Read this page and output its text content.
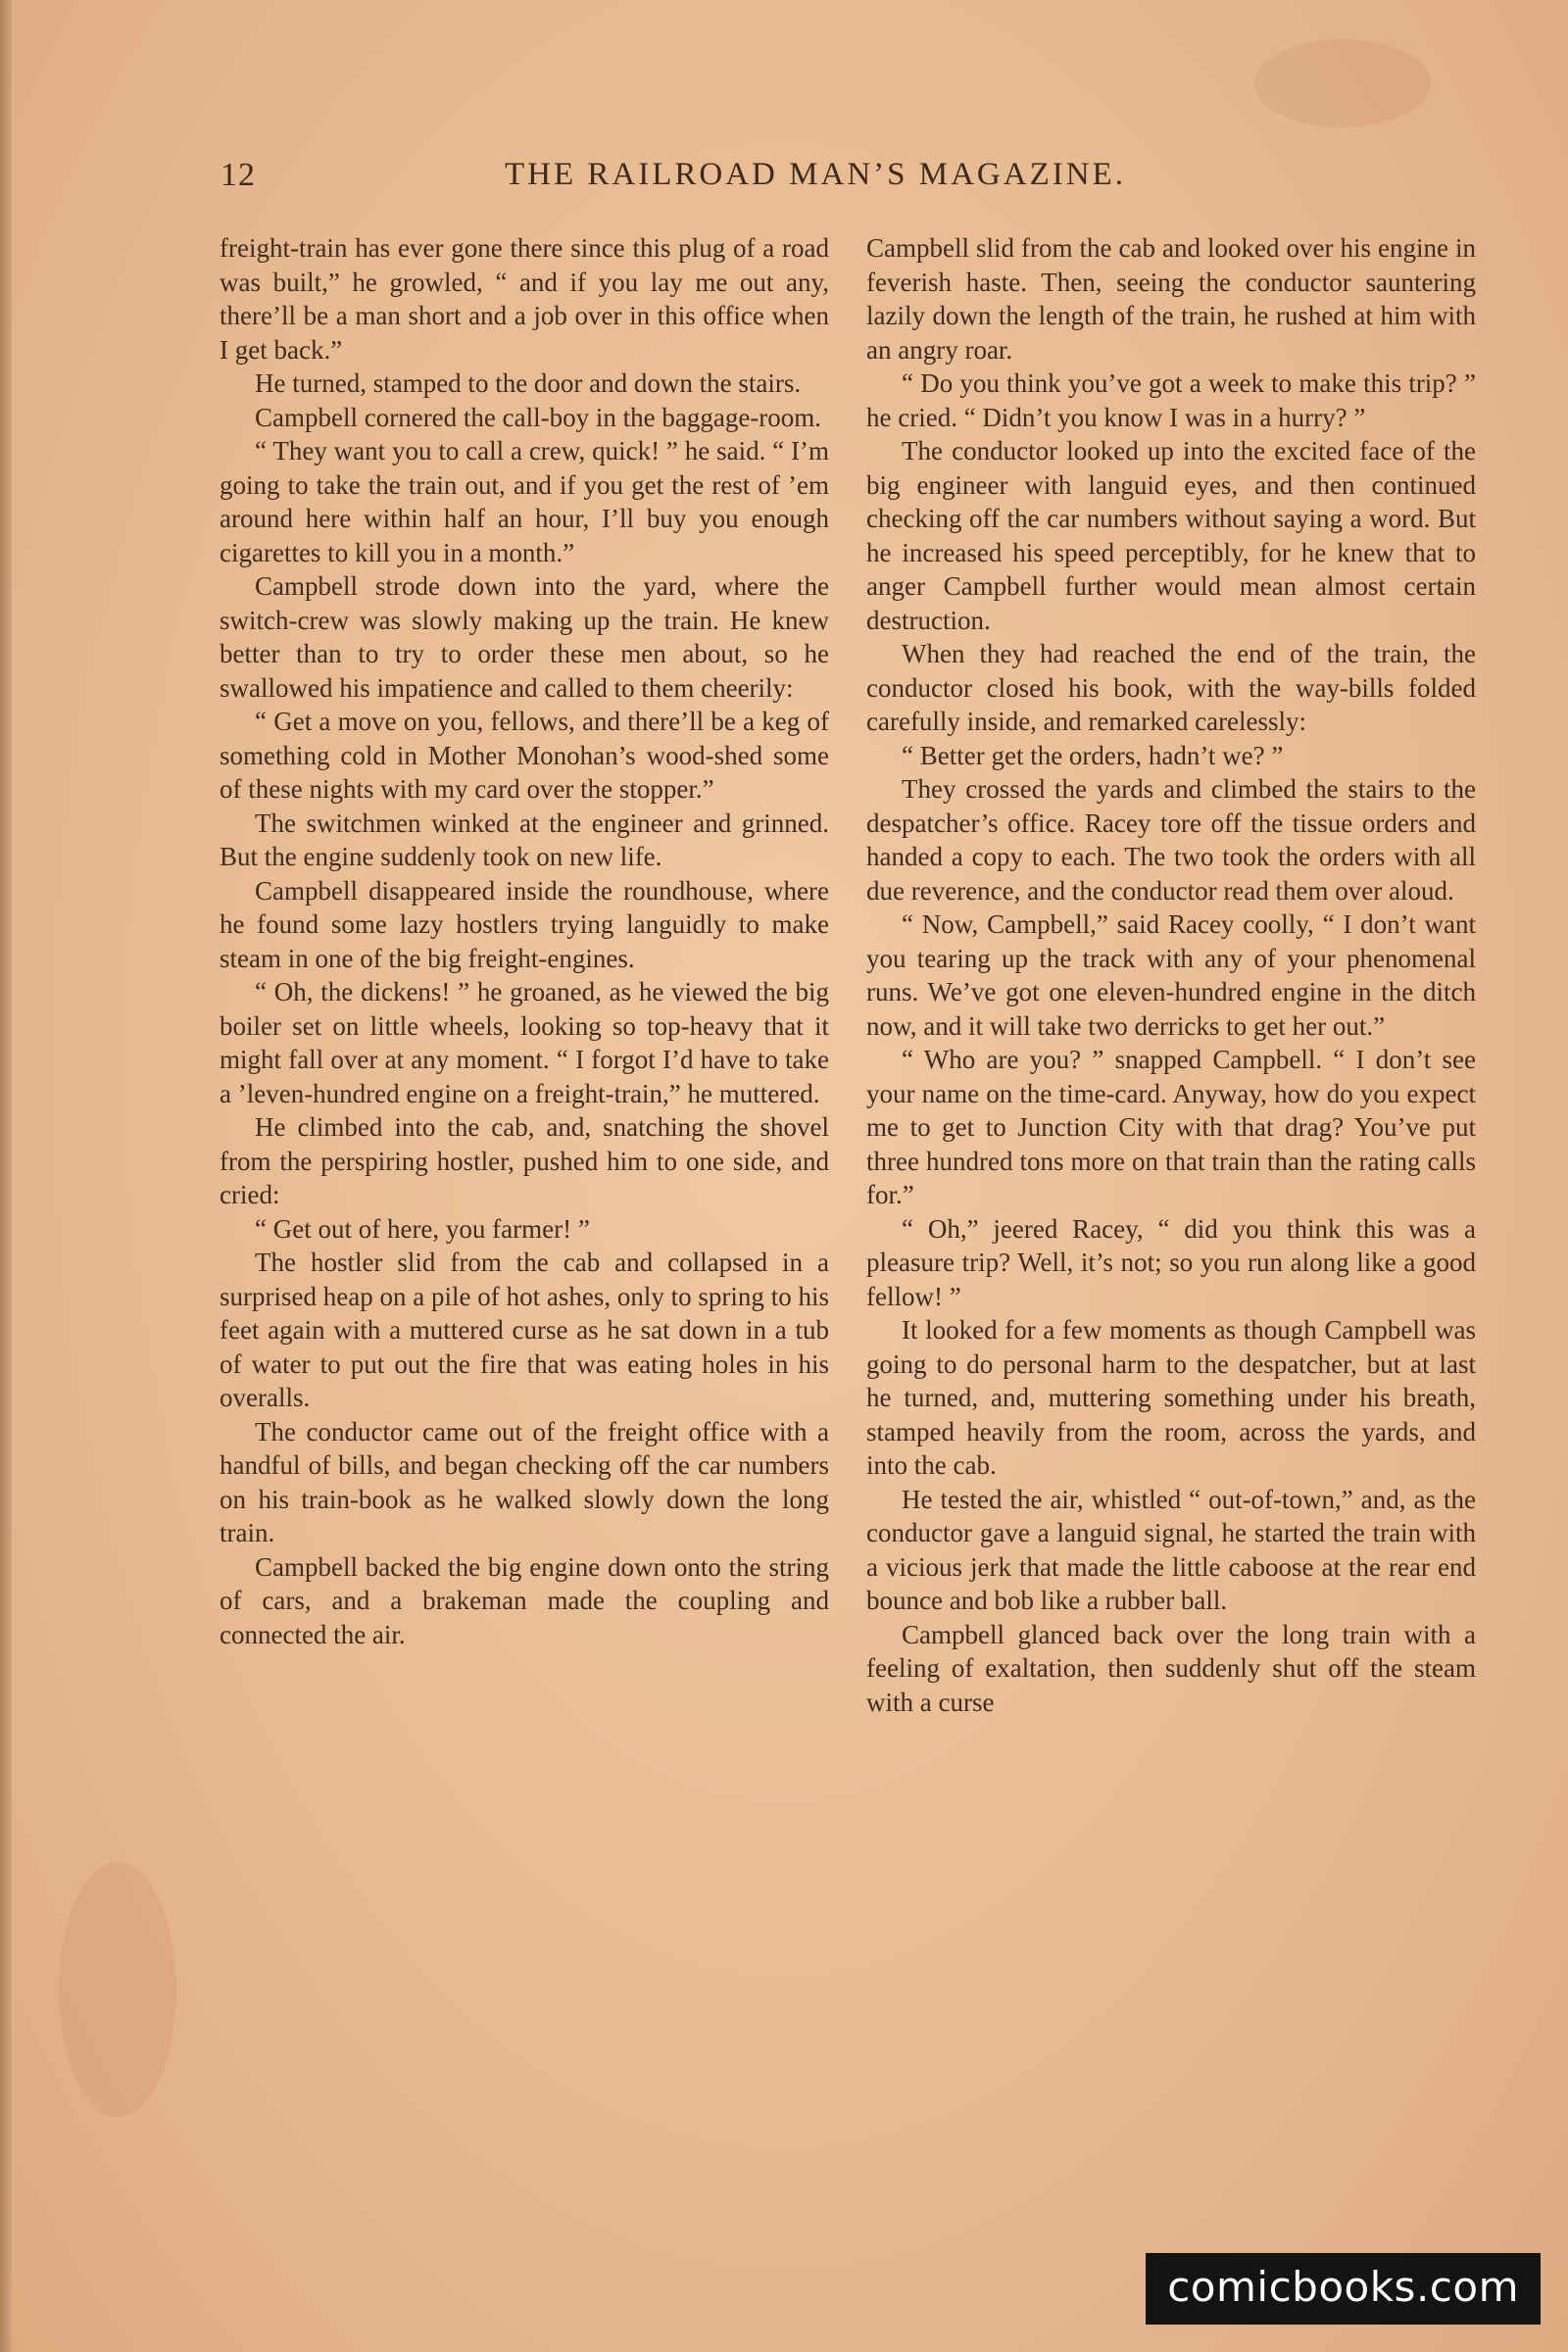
12	THE RAILROAD MAN’S MAGAZINE.

freight-train has ever gone there since this plug of a road was built,” he growled, “ and if you lay me out any, there’ll be a man short and a job over in this office when I get back.”

He turned, stamped to the door and down the stairs.

Campbell cornered the call-boy in the baggage-room.

“ They want you to call a crew, quick! ” he said. “ I’m going to take the train out, and if you get the rest of ’em around here within half an hour, I’ll buy you enough cigarettes to kill you in a month.”

Campbell strode down into the yard, where the switch-crew was slowly making up the train. He knew better than to try to order these men about, so he swallowed his impatience and called to them cheerily:

“ Get a move on you, fellows, and there’ll be a keg of something cold in Mother Monohan’s wood-shed some of these nights with my card over the stopper.”

The switchmen winked at the engineer and grinned. But the engine suddenly took on new life.

Campbell disappeared inside the roundhouse, where he found some lazy hostlers trying languidly to make steam in one of the big freight-engines.

“ Oh, the dickens! ” he groaned, as he viewed the big boiler set on little wheels, looking so top-heavy that it might fall over at any moment. “ I forgot I’d have to take a ’leven-hundred engine on a freight-train,” he muttered.

He climbed into the cab, and, snatching the shovel from the perspiring hostler, pushed him to one side, and cried:

“ Get out of here, you farmer! ”

The hostler slid from the cab and collapsed in a surprised heap on a pile of hot ashes, only to spring to his feet again with a muttered curse as he sat down in a tub of water to put out the fire that was eating holes in his overalls.

The conductor came out of the freight office with a handful of bills, and began checking off the car numbers on his train-book as he walked slowly down the long train.

Campbell backed the big engine down onto the string of cars, and a brakeman made the coupling and connected the air.

Campbell slid from the cab and looked over his engine in feverish haste. Then, seeing the conductor sauntering lazily down the length of the train, he rushed at him with an angry roar.

“ Do you think you’ve got a week to make this trip? ” he cried. “ Didn’t you know I was in a hurry? ”

The conductor looked up into the excited face of the big engineer with languid eyes, and then continued checking off the car numbers without saying a word. But he increased his speed perceptibly, for he knew that to anger Campbell further would mean almost certain destruction.

When they had reached the end of the train, the conductor closed his book, with the way-bills folded carefully inside, and remarked carelessly:

“ Better get the orders, hadn’t we? ”

They crossed the yards and climbed the stairs to the despatcher’s office. Racey tore off the tissue orders and handed a copy to each. The two took the orders with all due reverence, and the conductor read them over aloud.

“ Now, Campbell,” said Racey coolly, “ I don’t want you tearing up the track with any of your phenomenal runs. We’ve got one eleven-hundred engine in the ditch now, and it will take two derricks to get her out.”

“ Who are you? ” snapped Campbell. “ I don’t see your name on the time-card. Anyway, how do you expect me to get to Junction City with that drag? You’ve put three hundred tons more on that train than the rating calls for.”

“ Oh,” jeered Racey, “ did you think this was a pleasure trip? Well, it’s not; so you run along like a good fellow! ”

It looked for a few moments as though Campbell was going to do personal harm to the despatcher, but at last he turned, and, muttering something under his breath, stamped heavily from the room, across the yards, and into the cab.

He tested the air, whistled “ out-of-town,” and, as the conductor gave a languid signal, he started the train with a vicious jerk that made the little caboose at the rear end bounce and bob like a rubber ball.

Campbell glanced back over the long train with a feeling of exaltation, then suddenly shut off the steam with a curse

comicbooks.com
